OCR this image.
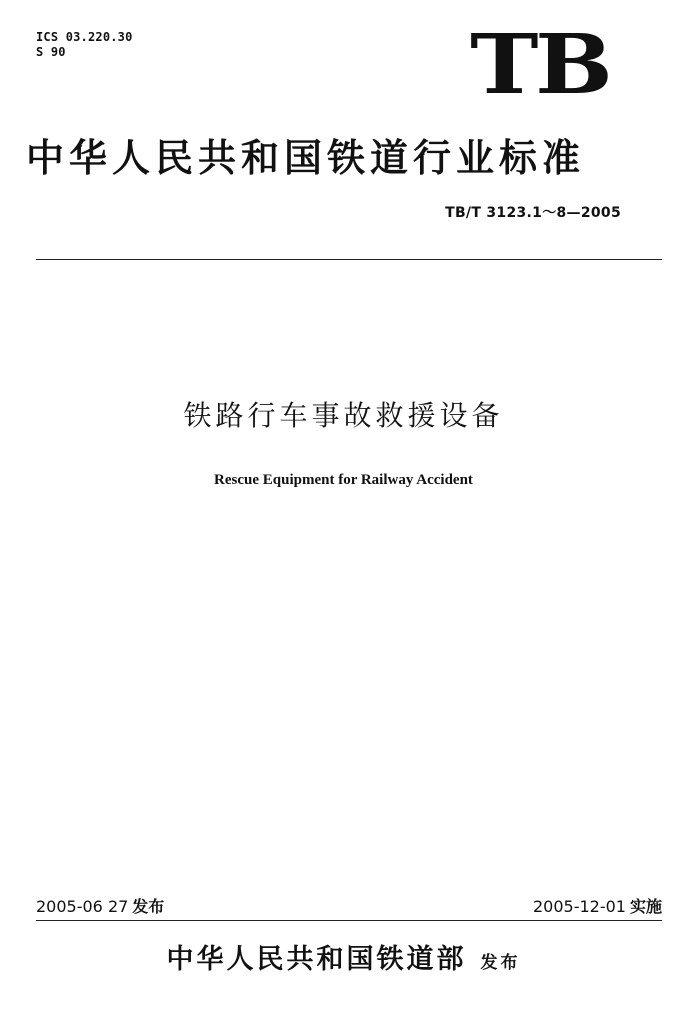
ICS 03.220.30
S 90	TB
中华人民共和国铁道行业标准
TB/T 3123.1～8—2005
铁路行车事故救援设备
Rescue Equipment for Railway Accident
2005-06 27 发布	2005-12-01 实施
中华人民共和国铁道部 发布
